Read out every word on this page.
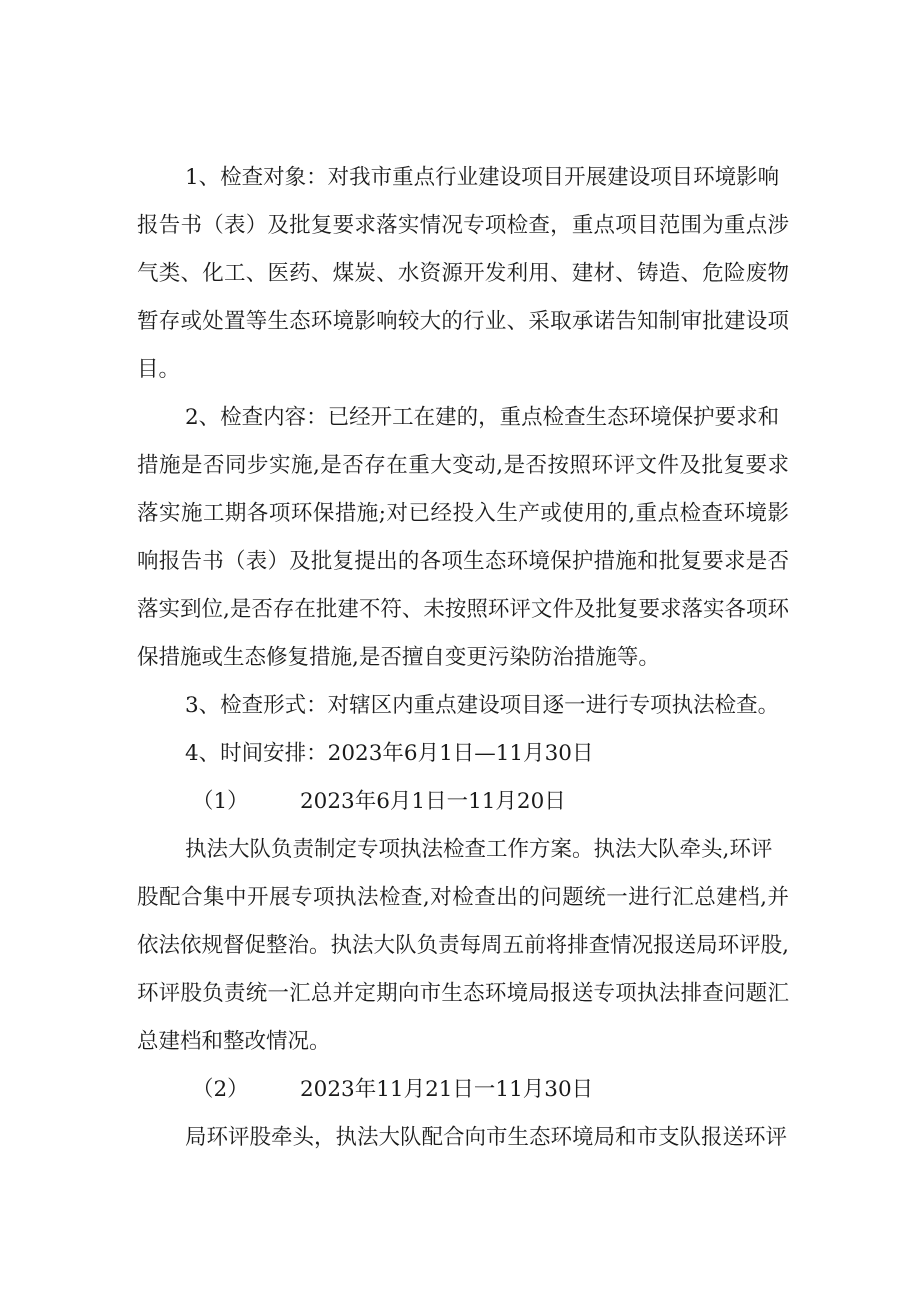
1、检查对象：对我市重点行业建设项目开展建设项目环境影响
报告书（表）及批复要求落实情况专项检查，重点项目范围为重点涉
气类、化工、医药、煤炭、水资源开发利用、建材、铸造、危险废物
暂存或处置等生态环境影响较大的行业、采取承诺告知制审批建设项
目。
2、检查内容：已经开工在建的，重点检查生态环境保护要求和
措施是否同步实施,是否存在重大变动,是否按照环评文件及批复要求
落实施工期各项环保措施;对已经投入生产或使用的,重点检查环境影
响报告书（表）及批复提出的各项生态环境保护措施和批复要求是否
落实到位,是否存在批建不符、未按照环评文件及批复要求落实各项环
保措施或生态修复措施,是否擅自变更污染防治措施等。
3、检查形式：对辖区内重点建设项目逐一进行专项执法检查。
4、时间安排：2023年6月1日—11月30日
（1） 2023年6月1日一11月20日
执法大队负责制定专项执法检查工作方案。执法大队牵头,环评
股配合集中开展专项执法检查,对检查出的问题统一进行汇总建档,并
依法依规督促整治。执法大队负责每周五前将排查情况报送局环评股,
环评股负责统一汇总并定期向市生态环境局报送专项执法排查问题汇
总建档和整改情况。
（2） 2023年11月21日一11月30日
局环评股牵头，执法大队配合向市生态环境局和市支队报送环评
